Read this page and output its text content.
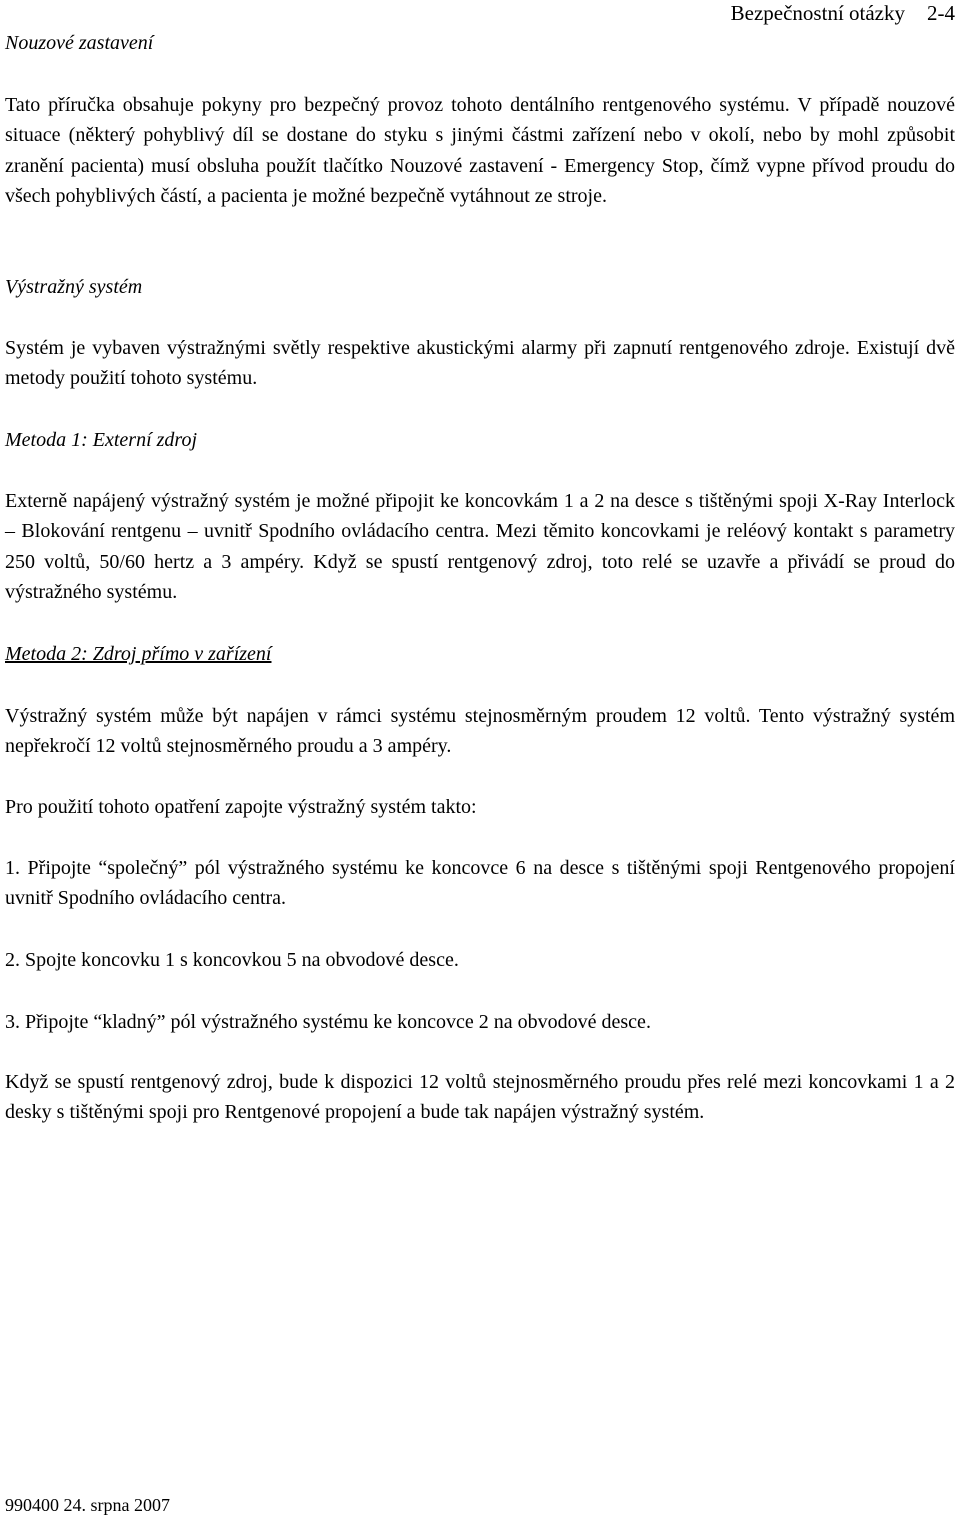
Bezpečnostní otázky 2-4
Nouzové zastavení
Tato příručka obsahuje pokyny pro bezpečný provoz tohoto dentálního rentgenového systému. V případě nouzové situace (některý pohyblivý díl se dostane do styku s jinými částmi zařízení nebo v okolí, nebo by mohl způsobit zranění pacienta) musí obsluha použít tlačítko Nouzové zastavení - Emergency Stop, čímž vypne přívod proudu do všech pohyblivých částí, a pacienta je možné bezpečně vytáhnout ze stroje.
Výstražný systém
Systém je vybaven výstražnými světly respektive akustickými alarmy při zapnutí rentgenového zdroje. Existují dvě metody použití tohoto systému.
Metoda 1: Externí zdroj
Externě napájený výstražný systém je možné připojit ke koncovkám 1 a 2 na desce s tištěnými spoji X-Ray Interlock – Blokování rentgenu – uvnitř Spodního ovládacího centra. Mezi těmito koncovkami je reléový kontakt s parametry 250 voltů, 50/60 hertz a 3 ampéry. Když se spustí rentgenový zdroj, toto relé se uzavře a přivádí se proud do výstražného systému.
Metoda 2: Zdroj přímo v zařízení
Výstražný systém může být napájen v rámci systému stejnosměrným proudem 12 voltů. Tento výstražný systém nepřekročí 12 voltů stejnosměrného proudu a 3 ampéry.
Pro použití tohoto opatření zapojte výstražný systém takto:
1. Připojte “společný” pól výstražného systému ke koncovce 6 na desce s tištěnými spoji Rentgenového propojení uvnitř Spodního ovládacího centra.
2. Spojte koncovku 1 s koncovkou 5 na obvodové desce.
3. Připojte “kladný” pól výstražného systému ke koncovce 2 na obvodové desce.
Když se spustí rentgenový zdroj, bude k dispozici 12 voltů stejnosměrného proudu přes relé mezi koncovkami 1 a 2 desky s tištěnými spoji pro Rentgenové propojení a bude tak napájen výstražný systém.
990400 24. srpna 2007
